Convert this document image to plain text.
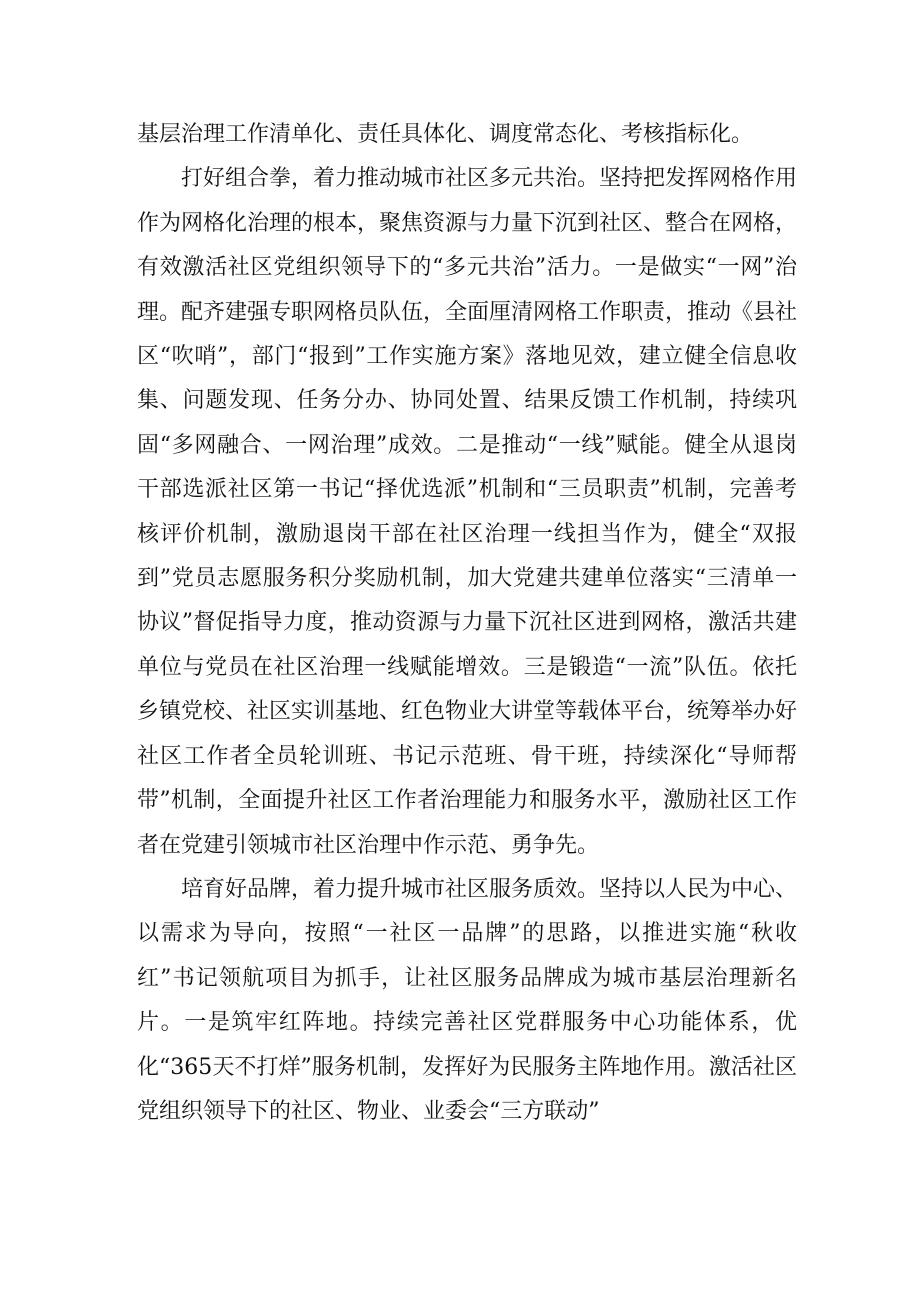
基层治理工作清单化、责任具体化、调度常态化、考核指标化。

打好组合拳，着力推动城市社区多元共治。坚持把发挥网格作用作为网格化治理的根本，聚焦资源与力量下沉到社区、整合在网格，有效激活社区党组织领导下的“多元共治”活力。一是做实“一网”治理。配齐建强专职网格员队伍，全面厘清网格工作职责，推动《县社区“吹哨”，部门“报到”工作实施方案》落地见效，建立健全信息收集、问题发现、任务分办、协同处置、结果反馈工作机制，持续巩固“多网融合、一网治理”成效。二是推动“一线”赋能。健全从退岗干部选派社区第一书记“择优选派”机制和“三员职责”机制，完善考核评价机制，激励退岗干部在社区治理一线担当作为，健全“双报到”党员志愿服务积分奖励机制，加大党建共建单位落实“三清单一协议”督促指导力度，推动资源与力量下沉社区进到网格，激活共建单位与党员在社区治理一线赋能增效。三是锻造“一流”队伍。依托乡镇党校、社区实训基地、红色物业大讲堂等载体平台，统筹举办好社区工作者全员轮训班、书记示范班、骨干班，持续深化“导师帮带”机制，全面提升社区工作者治理能力和服务水平，激励社区工作者在党建引领城市社区治理中作示范、勇争先。

培育好品牌，着力提升城市社区服务质效。坚持以人民为中心、以需求为导向，按照“一社区一品牌”的思路，以推进实施“秋收红”书记领航项目为抓手，让社区服务品牌成为城市基层治理新名片。一是筑牢红阵地。持续完善社区党群服务中心功能体系，优化“365天不打烊”服务机制，发挥好为民服务主阵地作用。激活社区党组织领导下的社区、物业、业委会“三方联动”
